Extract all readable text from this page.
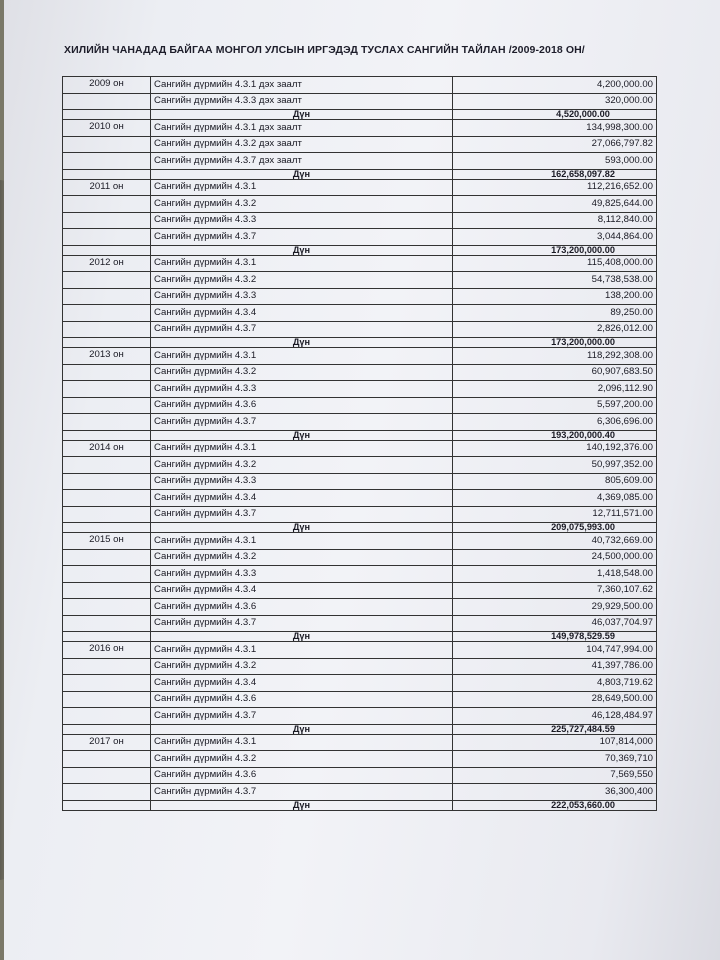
ХИЛИЙН ЧАНАДАД БАЙГАА МОНГОЛ УЛСЫН ИРГЭДЭД ТУСЛАХ САНГИЙН ТАЙЛАН /2009-2018 ОН/
2009 он	Сангийн дүрмийн 4.3.1 дэх заалт	4,200,000.00
	Сангийн дүрмийн 4.3.3 дэх заалт	320,000.00
	Дүн	4,520,000.00
2010 он	Сангийн дүрмийн 4.3.1 дэх заалт	134,998,300.00
	Сангийн дүрмийн 4.3.2 дэх заалт	27,066,797.82
	Сангийн дүрмийн 4.3.7 дэх заалт	593,000.00
	Дүн	162,658,097.82
2011 он	Сангийн дүрмийн 4.3.1	112,216,652.00
	Сангийн дүрмийн 4.3.2	49,825,644.00
	Сангийн дүрмийн 4.3.3	8,112,840.00
	Сангийн дүрмийн 4.3.7	3,044,864.00
	Дүн	173,200,000.00
2012 он	Сангийн дүрмийн 4.3.1	115,408,000.00
	Сангийн дүрмийн 4.3.2	54,738,538.00
	Сангийн дүрмийн 4.3.3	138,200.00
	Сангийн дүрмийн 4.3.4	89,250.00
	Сангийн дүрмийн 4.3.7	2,826,012.00
	Дүн	173,200,000.00
2013 он	Сангийн дүрмийн 4.3.1	118,292,308.00
	Сангийн дүрмийн 4.3.2	60,907,683.50
	Сангийн дүрмийн 4.3.3	2,096,112.90
	Сангийн дүрмийн 4.3.6	5,597,200.00
	Сангийн дүрмийн 4.3.7	6,306,696.00
	Дүн	193,200,000.40
2014 он	Сангийн дүрмийн 4.3.1	140,192,376.00
	Сангийн дүрмийн 4.3.2	50,997,352.00
	Сангийн дүрмийн 4.3.3	805,609.00
	Сангийн дүрмийн 4.3.4	4,369,085.00
	Сангийн дүрмийн 4.3.7	12,711,571.00
	Дүн	209,075,993.00
2015 он	Сангийн дүрмийн 4.3.1	40,732,669.00
	Сангийн дүрмийн 4.3.2	24,500,000.00
	Сангийн дүрмийн 4.3.3	1,418,548.00
	Сангийн дүрмийн 4.3.4	7,360,107.62
	Сангийн дүрмийн 4.3.6	29,929,500.00
	Сангийн дүрмийн 4.3.7	46,037,704.97
	Дүн	149,978,529.59
2016 он	Сангийн дүрмийн 4.3.1	104,747,994.00
	Сангийн дүрмийн 4.3.2	41,397,786.00
	Сангийн дүрмийн 4.3.4	4,803,719.62
	Сангийн дүрмийн 4.3.6	28,649,500.00
	Сангийн дүрмийн 4.3.7	46,128,484.97
	Дүн	225,727,484.59
2017 он	Сангийн дүрмийн 4.3.1	107,814,000
	Сангийн дүрмийн 4.3.2	70,369,710
	Сангийн дүрмийн 4.3.6	7,569,550
	Сангийн дүрмийн 4.3.7	36,300,400
	Дүн	222,053,660.00
